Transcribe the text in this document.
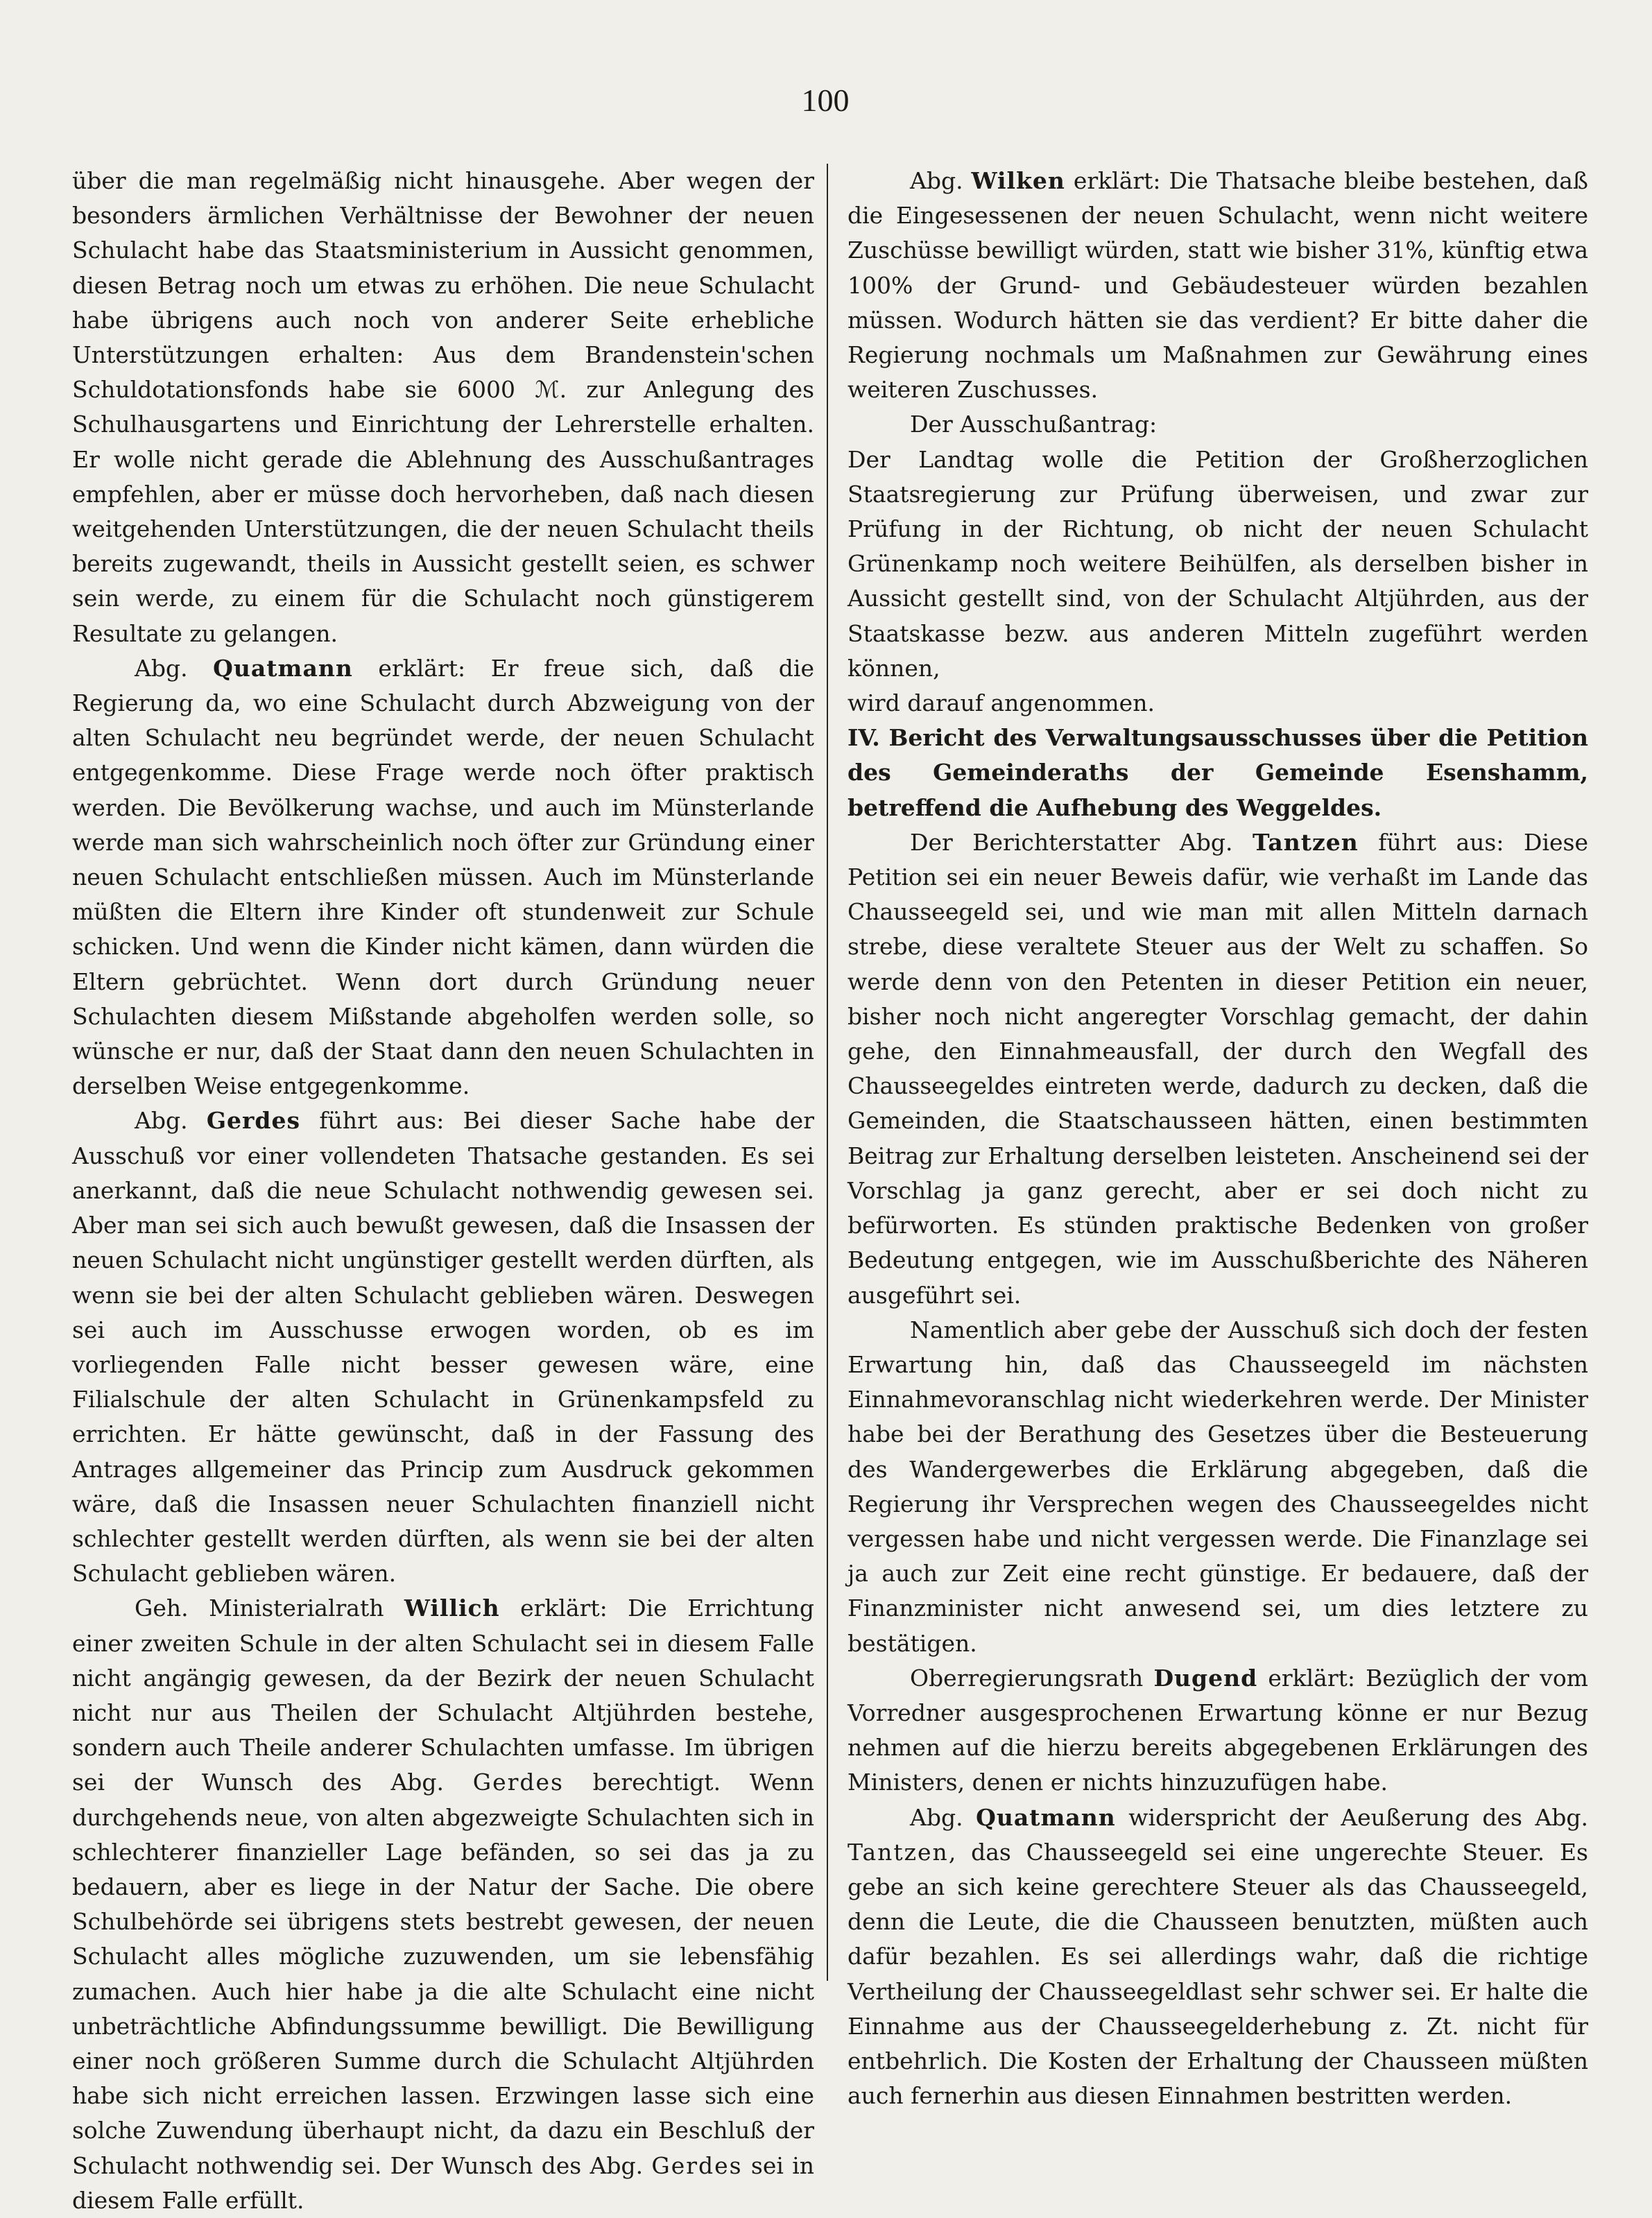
100

über die man regelmäßig nicht hinausgehe. Aber wegen der besonders ärmlichen Verhältnisse der Bewohner der neuen Schulacht habe das Staatsministerium in Aussicht genommen, diesen Betrag noch um etwas zu erhöhen. Die neue Schulacht habe übrigens auch noch von anderer Seite erhebliche Unterstützungen erhalten: Aus dem Brandenstein'schen Schuldotationsfonds habe sie 6000 ℳ. zur Anlegung des Schulhausgartens und Einrichtung der Lehrerstelle erhalten. Er wolle nicht gerade die Ablehnung des Ausschußantrages empfehlen, aber er müsse doch hervorheben, daß nach diesen weitgehenden Unterstützungen, die der neuen Schulacht theils bereits zugewandt, theils in Aussicht gestellt seien, es schwer sein werde, zu einem für die Schulacht noch günstigerem Resultate zu gelangen.

Abg. Quatmann erklärt: Er freue sich, daß die Regierung da, wo eine Schulacht durch Abzweigung von der alten Schulacht neu begründet werde, der neuen Schulacht entgegenkomme. Diese Frage werde noch öfter praktisch werden. Die Bevölkerung wachse, und auch im Münsterlande werde man sich wahrscheinlich noch öfter zur Gründung einer neuen Schulacht entschließen müssen. Auch im Münsterlande müßten die Eltern ihre Kinder oft stundenweit zur Schule schicken. Und wenn die Kinder nicht kämen, dann würden die Eltern gebrüchtet. Wenn dort durch Gründung neuer Schulachten diesem Mißstande abgeholfen werden solle, so wünsche er nur, daß der Staat dann den neuen Schulachten in derselben Weise entgegenkomme.

Abg. Gerdes führt aus: Bei dieser Sache habe der Ausschuß vor einer vollendeten Thatsache gestanden. Es sei anerkannt, daß die neue Schulacht nothwendig gewesen sei. Aber man sei sich auch bewußt gewesen, daß die Insassen der neuen Schulacht nicht ungünstiger gestellt werden dürften, als wenn sie bei der alten Schulacht geblieben wären. Deswegen sei auch im Ausschusse erwogen worden, ob es im vorliegenden Falle nicht besser gewesen wäre, eine Filialschule der alten Schulacht in Grünenkampsfeld zu errichten. Er hätte gewünscht, daß in der Fassung des Antrages allgemeiner das Princip zum Ausdruck gekommen wäre, daß die Insassen neuer Schulachten finanziell nicht schlechter gestellt werden dürften, als wenn sie bei der alten Schulacht geblieben wären.

Geh. Ministerialrath Willich erklärt: Die Errichtung einer zweiten Schule in der alten Schulacht sei in diesem Falle nicht angängig gewesen, da der Bezirk der neuen Schulacht nicht nur aus Theilen der Schulacht Altjührden bestehe, sondern auch Theile anderer Schulachten umfasse. Im übrigen sei der Wunsch des Abg. Gerdes berechtigt. Wenn durchgehends neue, von alten abgezweigte Schulachten sich in schlechterer finanzieller Lage befänden, so sei das ja zu bedauern, aber es liege in der Natur der Sache. Die obere Schulbehörde sei übrigens stets bestrebt gewesen, der neuen Schulacht alles mögliche zuzuwenden, um sie lebensfähig zumachen. Auch hier habe ja die alte Schulacht eine nicht unbeträchtliche Abfindungssumme bewilligt. Die Bewilligung einer noch größeren Summe durch die Schulacht Altjührden habe sich nicht erreichen lassen. Erzwingen lasse sich eine solche Zuwendung überhaupt nicht, da dazu ein Beschluß der Schulacht nothwendig sei. Der Wunsch des Abg. Gerdes sei in diesem Falle erfüllt.

Abg. Wilken erklärt: Die Thatsache bleibe bestehen, daß die Eingesessenen der neuen Schulacht, wenn nicht weitere Zuschüsse bewilligt würden, statt wie bisher 31%, künftig etwa 100% der Grund- und Gebäudesteuer würden bezahlen müssen. Wodurch hätten sie das verdient? Er bitte daher die Regierung nochmals um Maßnahmen zur Gewährung eines weiteren Zuschusses.

Der Ausschußantrag:

Der Landtag wolle die Petition der Großherzoglichen Staatsregierung zur Prüfung überweisen, und zwar zur Prüfung in der Richtung, ob nicht der neuen Schulacht Grünenkamp noch weitere Beihülfen, als derselben bisher in Aussicht gestellt sind, von der Schulacht Altjührden, aus der Staatskasse bezw. aus anderen Mitteln zugeführt werden können,

wird darauf angenommen.

IV. Bericht des Verwaltungsausschusses über die Petition des Gemeinderaths der Gemeinde Esenshamm, betreffend die Aufhebung des Weggeldes.

Der Berichterstatter Abg. Tantzen führt aus: Diese Petition sei ein neuer Beweis dafür, wie verhaßt im Lande das Chausseegeld sei, und wie man mit allen Mitteln darnach strebe, diese veraltete Steuer aus der Welt zu schaffen. So werde denn von den Petenten in dieser Petition ein neuer, bisher noch nicht angeregter Vorschlag gemacht, der dahin gehe, den Einnahmeausfall, der durch den Wegfall des Chausseegeldes eintreten werde, dadurch zu decken, daß die Gemeinden, die Staatschausseen hätten, einen bestimmten Beitrag zur Erhaltung derselben leisteten. Anscheinend sei der Vorschlag ja ganz gerecht, aber er sei doch nicht zu befürworten. Es stünden praktische Bedenken von großer Bedeutung entgegen, wie im Ausschußberichte des Näheren ausgeführt sei.

Namentlich aber gebe der Ausschuß sich doch der festen Erwartung hin, daß das Chausseegeld im nächsten Einnahmevoranschlag nicht wiederkehren werde. Der Minister habe bei der Berathung des Gesetzes über die Besteuerung des Wandergewerbes die Erklärung abgegeben, daß die Regierung ihr Versprechen wegen des Chausseegeldes nicht vergessen habe und nicht vergessen werde. Die Finanzlage sei ja auch zur Zeit eine recht günstige. Er bedauere, daß der Finanzminister nicht anwesend sei, um dies letztere zu bestätigen.

Oberregierungsrath Dugend erklärt: Bezüglich der vom Vorredner ausgesprochenen Erwartung könne er nur Bezug nehmen auf die hierzu bereits abgegebenen Erklärungen des Ministers, denen er nichts hinzuzufügen habe.

Abg. Quatmann widerspricht der Aeußerung des Abg. Tantzen, das Chausseegeld sei eine ungerechte Steuer. Es gebe an sich keine gerechtere Steuer als das Chausseegeld, denn die Leute, die die Chausseen benutzten, müßten auch dafür bezahlen. Es sei allerdings wahr, daß die richtige Vertheilung der Chausseegeldlast sehr schwer sei. Er halte die Einnahme aus der Chausseegelderhebung z. Zt. nicht für entbehrlich. Die Kosten der Erhaltung der Chausseen müßten auch fernerhin aus diesen Einnahmen bestritten werden.
